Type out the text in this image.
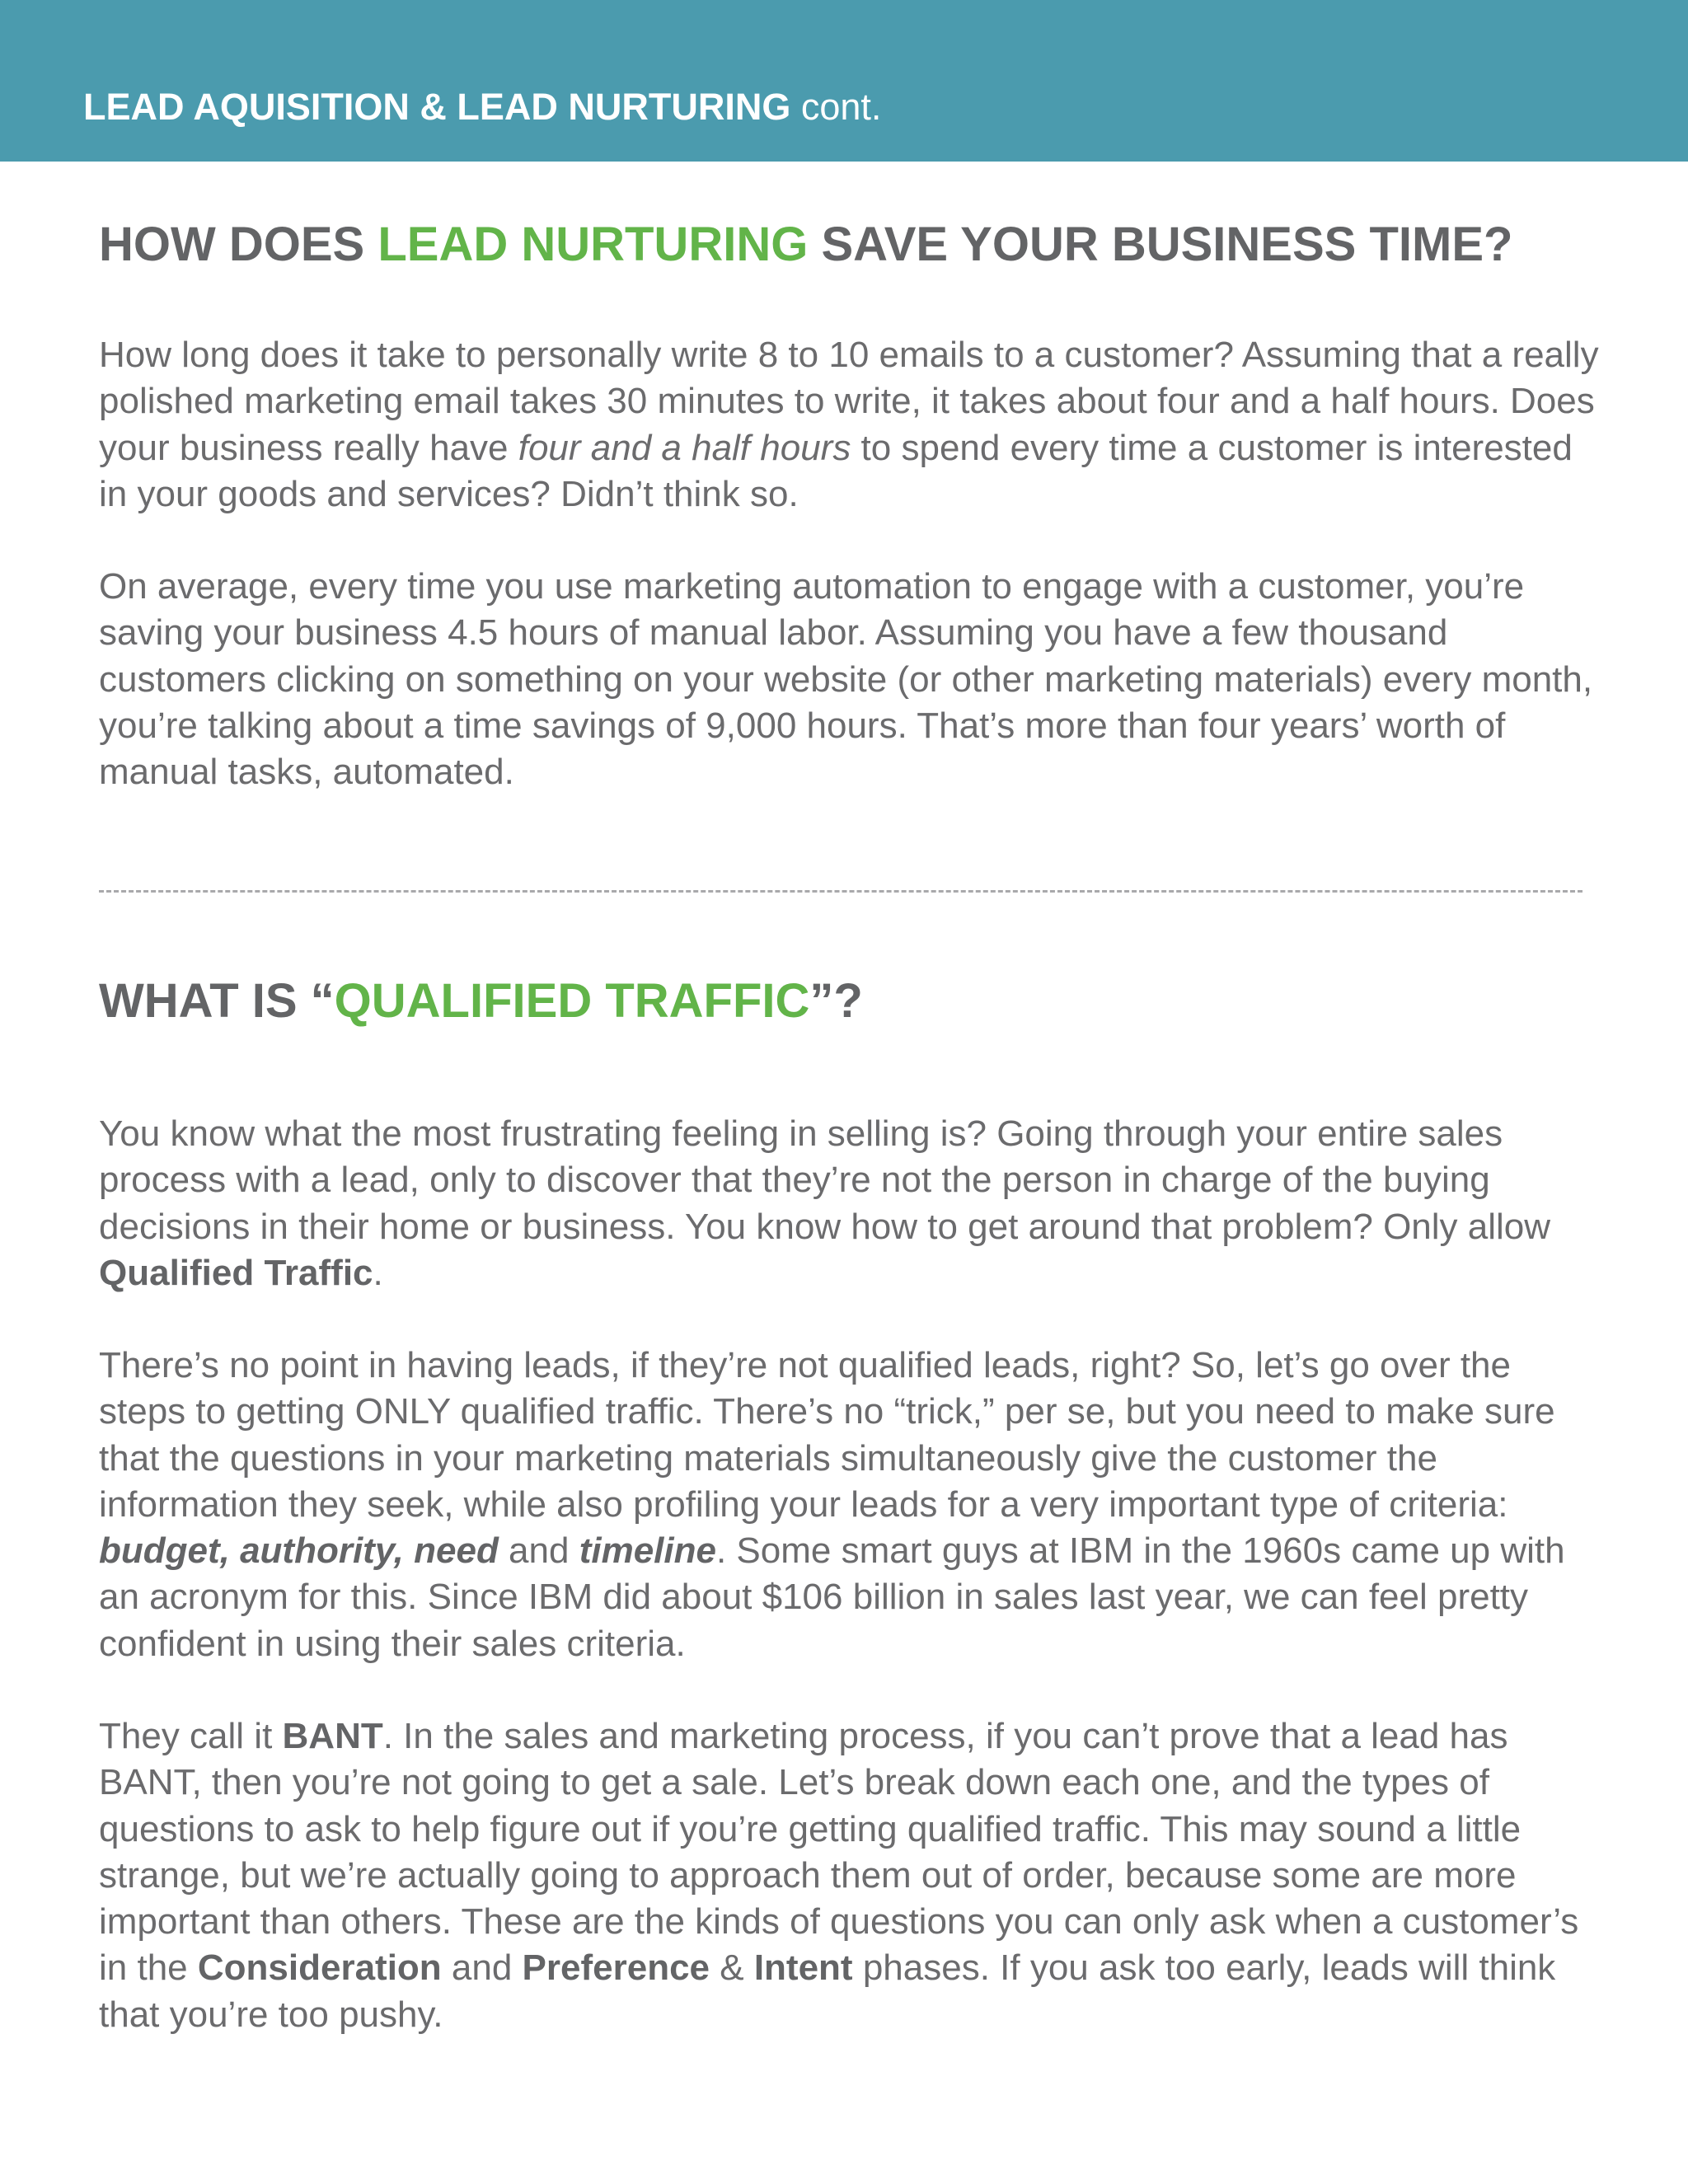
LEAD AQUISITION & LEAD NURTURING cont.
HOW DOES LEAD NURTURING SAVE YOUR BUSINESS TIME?

How long does it take to personally write 8 to 10 emails to a customer? Assuming that a really polished marketing email takes 30 minutes to write, it takes about four and a half hours. Does your business really have four and a half hours to spend every time a customer is interested in your goods and services? Didn’t think so.

On average, every time you use marketing automation to engage with a customer, you’re saving your business 4.5 hours of manual labor. Assuming you have a few thousand customers clicking on something on your website (or other marketing materials) every month, you’re talking about a time savings of 9,000 hours. That’s more than four years’ worth of manual tasks, automated.

WHAT IS “QUALIFIED TRAFFIC”?

You know what the most frustrating feeling in selling is? Going through your entire sales process with a lead, only to discover that they’re not the person in charge of the buying decisions in their home or business. You know how to get around that problem? Only allow Qualified Traffic.

There’s no point in having leads, if they’re not qualified leads, right? So, let’s go over the steps to getting ONLY qualified traffic. There’s no “trick,” per se, but you need to make sure that the questions in your marketing materials simultaneously give the customer the information they seek, while also profiling your leads for a very important type of criteria: budget, authority, need and timeline. Some smart guys at IBM in the 1960s came up with an acronym for this. Since IBM did about $106 billion in sales last year, we can feel pretty confident in using their sales criteria.

They call it BANT. In the sales and marketing process, if you can’t prove that a lead has BANT, then you’re not going to get a sale. Let’s break down each one, and the types of questions to ask to help figure out if you’re getting qualified traffic. This may sound a little strange, but we’re actually going to approach them out of order, because some are more important than others. These are the kinds of questions you can only ask when a customer’s in the Consideration and Preference & Intent phases. If you ask too early, leads will think that you’re too pushy.
